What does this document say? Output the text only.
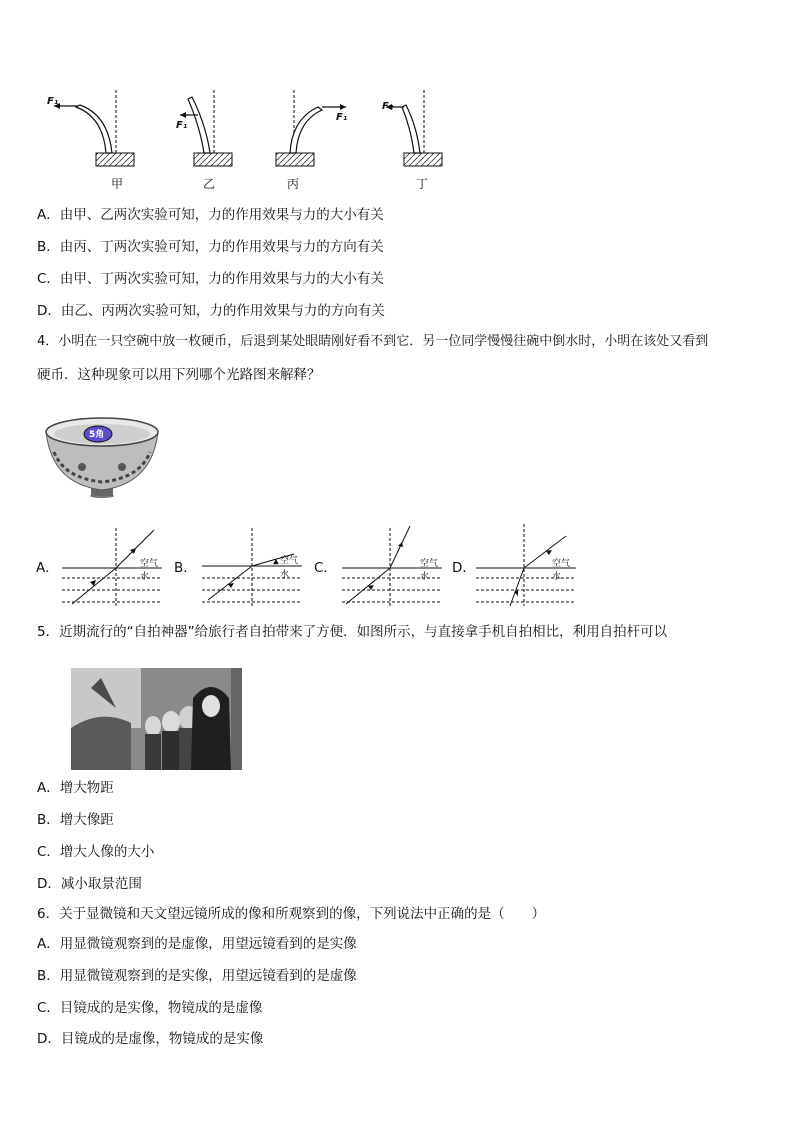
F₁
F₁
F₁
F₂
甲	乙	丙	丁
A．由甲、乙两次实验可知，力的作用效果与力的大小有关
B．由丙、丁两次实验可知，力的作用效果与力的方向有关
C．由甲、丁两次实验可知，力的作用效果与力的大小有关
D．由乙、丙两次实验可知，力的作用效果与力的方向有关
4．小明在一只空碗中放一枚硬币，后退到某处眼睛刚好看不到它．另一位同学慢慢往碗中倒水时，小明在该处又看到
硬币．这种现象可以用下列哪个光路图来解释？
5角
A．	B．	C．	D．
空气
水
空气
水
空气
水
空气
水
5．近期流行的“自拍神器”给旅行者自拍带来了方便．如图所示，与直接拿手机自拍相比，利用自拍杆可以
A．增大物距
B．增大像距
C．增大人像的大小
D．减小取景范围
6．关于显微镜和天文望远镜所成的像和所观察到的像，下列说法中正确的是（　　）
A．用显微镜观察到的是虚像，用望远镜看到的是实像
B．用显微镜观察到的是实像，用望远镜看到的是虚像
C．目镜成的是实像，物镜成的是虚像
D．目镜成的是虚像，物镜成的是实像
